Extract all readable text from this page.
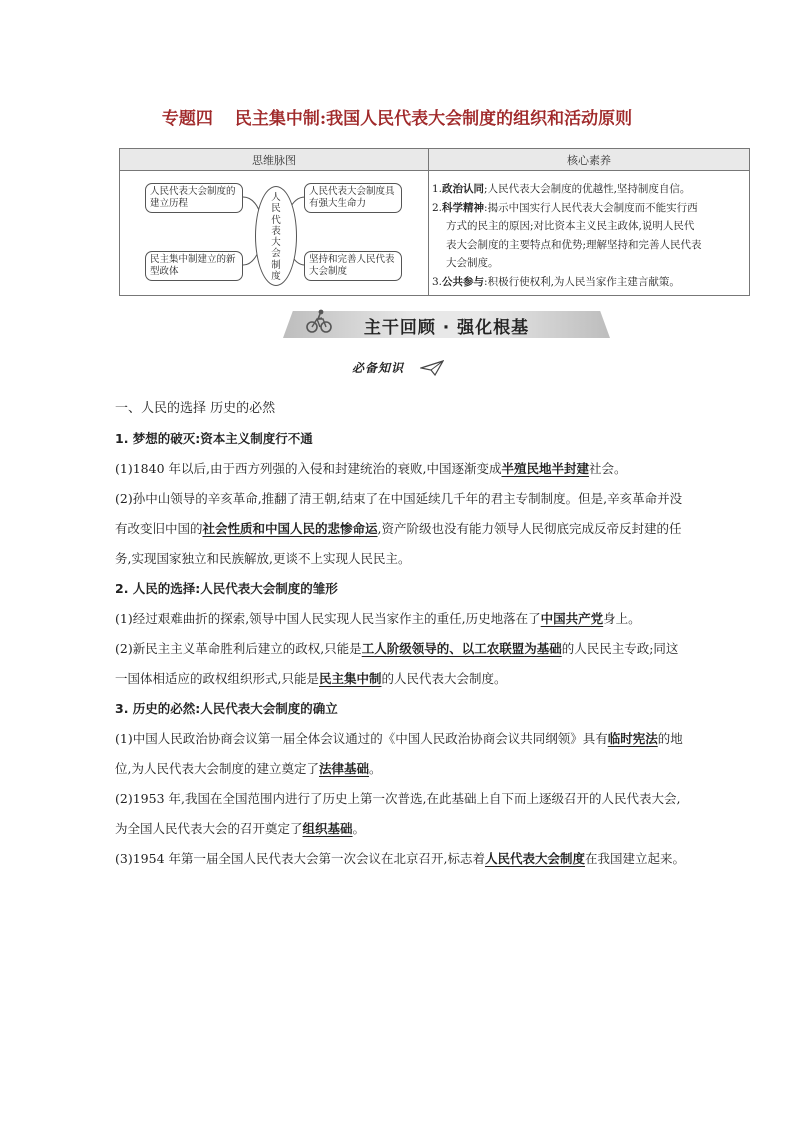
专题四 民主集中制:我国人民代表大会制度的组织和活动原则
思维脉图	核心素养
人民代表大会制度的建立历程
民主集中制建立的新型政体
人民代表大会制度具有强大生命力
坚持和完善人民代表大会制度
人民代表大会制度
1.政治认同;人民代表大会制度的优越性,坚持制度自信。
2.科学精神:揭示中国实行人民代表大会制度而不能实行西
方式的民主的原因;对比资本主义民主政体,说明人民代
表大会制度的主要特点和优势;理解坚持和完善人民代表
大会制度。
3.公共参与:积极行使权利,为人民当家作主建言献策。
主干回顾 · 强化根基
必备知识

一、人民的选择 历史的必然

1. 梦想的破灭:资本主义制度行不通

(1)1840 年以后,由于西方列强的入侵和封建统治的衰败,中国逐渐变成半殖民地半封建社会。

(2)孙中山领导的辛亥革命,推翻了清王朝,结束了在中国延续几千年的君主专制制度。但是,辛亥革命并没有改变旧中国的社会性质和中国人民的悲惨命运,资产阶级也没有能力领导人民彻底完成反帝反封建的任务,实现国家独立和民族解放,更谈不上实现人民民主。

2. 人民的选择:人民代表大会制度的雏形

(1)经过艰难曲折的探索,领导中国人民实现人民当家作主的重任,历史地落在了中国共产党身上。

(2)新民主主义革命胜利后建立的政权,只能是工人阶级领导的、以工农联盟为基础的人民民主专政;同这一国体相适应的政权组织形式,只能是民主集中制的人民代表大会制度。

3. 历史的必然:人民代表大会制度的确立

(1)中国人民政治协商会议第一届全体会议通过的《中国人民政治协商会议共同纲领》具有临时宪法的地位,为人民代表大会制度的建立奠定了法律基础。

(2)1953 年,我国在全国范围内进行了历史上第一次普选,在此基础上自下而上逐级召开的人民代表大会,为全国人民代表大会的召开奠定了组织基础。

(3)1954 年第一届全国人民代表大会第一次会议在北京召开,标志着人民代表大会制度在我国建立起来。
